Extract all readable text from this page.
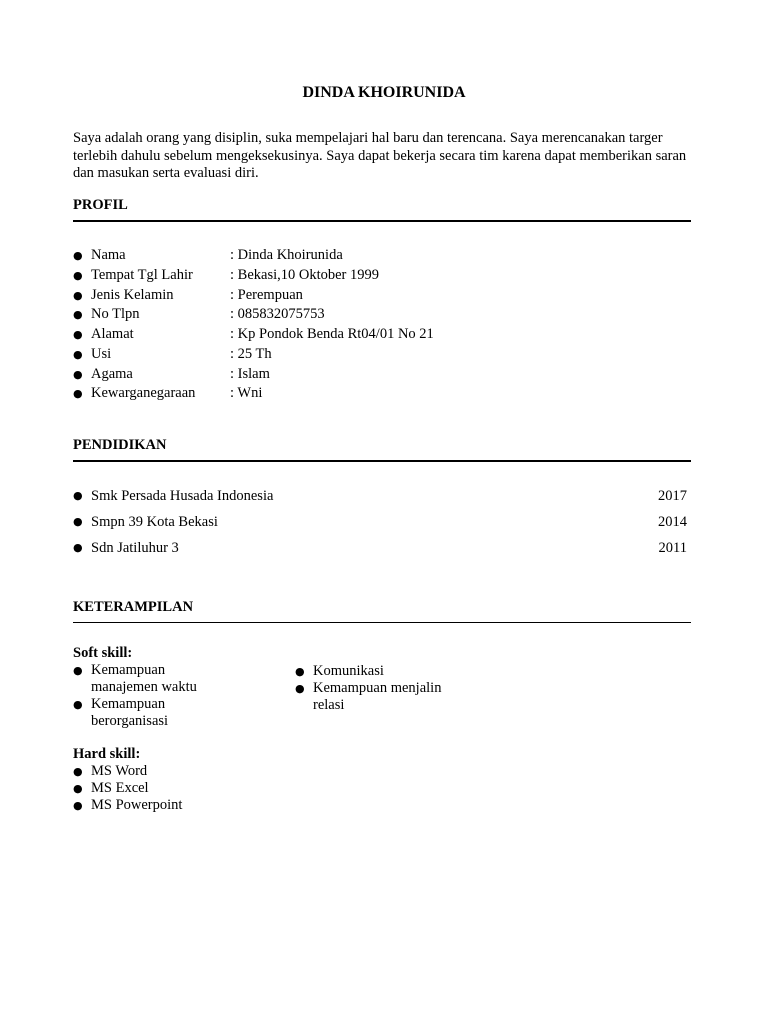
DINDA KHOIRUNIDA
Saya adalah orang yang disiplin, suka mempelajari hal baru dan terencana. Saya merencanakan targer terlebih dahulu sebelum mengeksekusinya. Saya dapat bekerja secara tim karena dapat memberikan saran dan masukan serta evaluasi diri.
PROFIL
● Nama	: Dinda Khoirunida
● Tempat Tgl Lahir	: Bekasi,10 Oktober 1999
● Jenis Kelamin	: Perempuan
● No Tlpn	: 085832075753
● Alamat	: Kp Pondok Benda Rt04/01 No 21
● Usi	: 25 Th
● Agama	: Islam
● Kewarganegaraan : Wni
PENDIDIKAN
● Smk Persada Husada Indonesia	2017
● Smpn 39 Kota Bekasi	2014
● Sdn Jatiluhur 3	2011
KETERAMPILAN
Soft skill:
● Kemampuan manajemen waktu
● Kemampuan berorganisasi
● Komunikasi
● Kemampuan menjalin relasi
Hard skill:
● MS Word
● MS Excel
● MS Powerpoint
